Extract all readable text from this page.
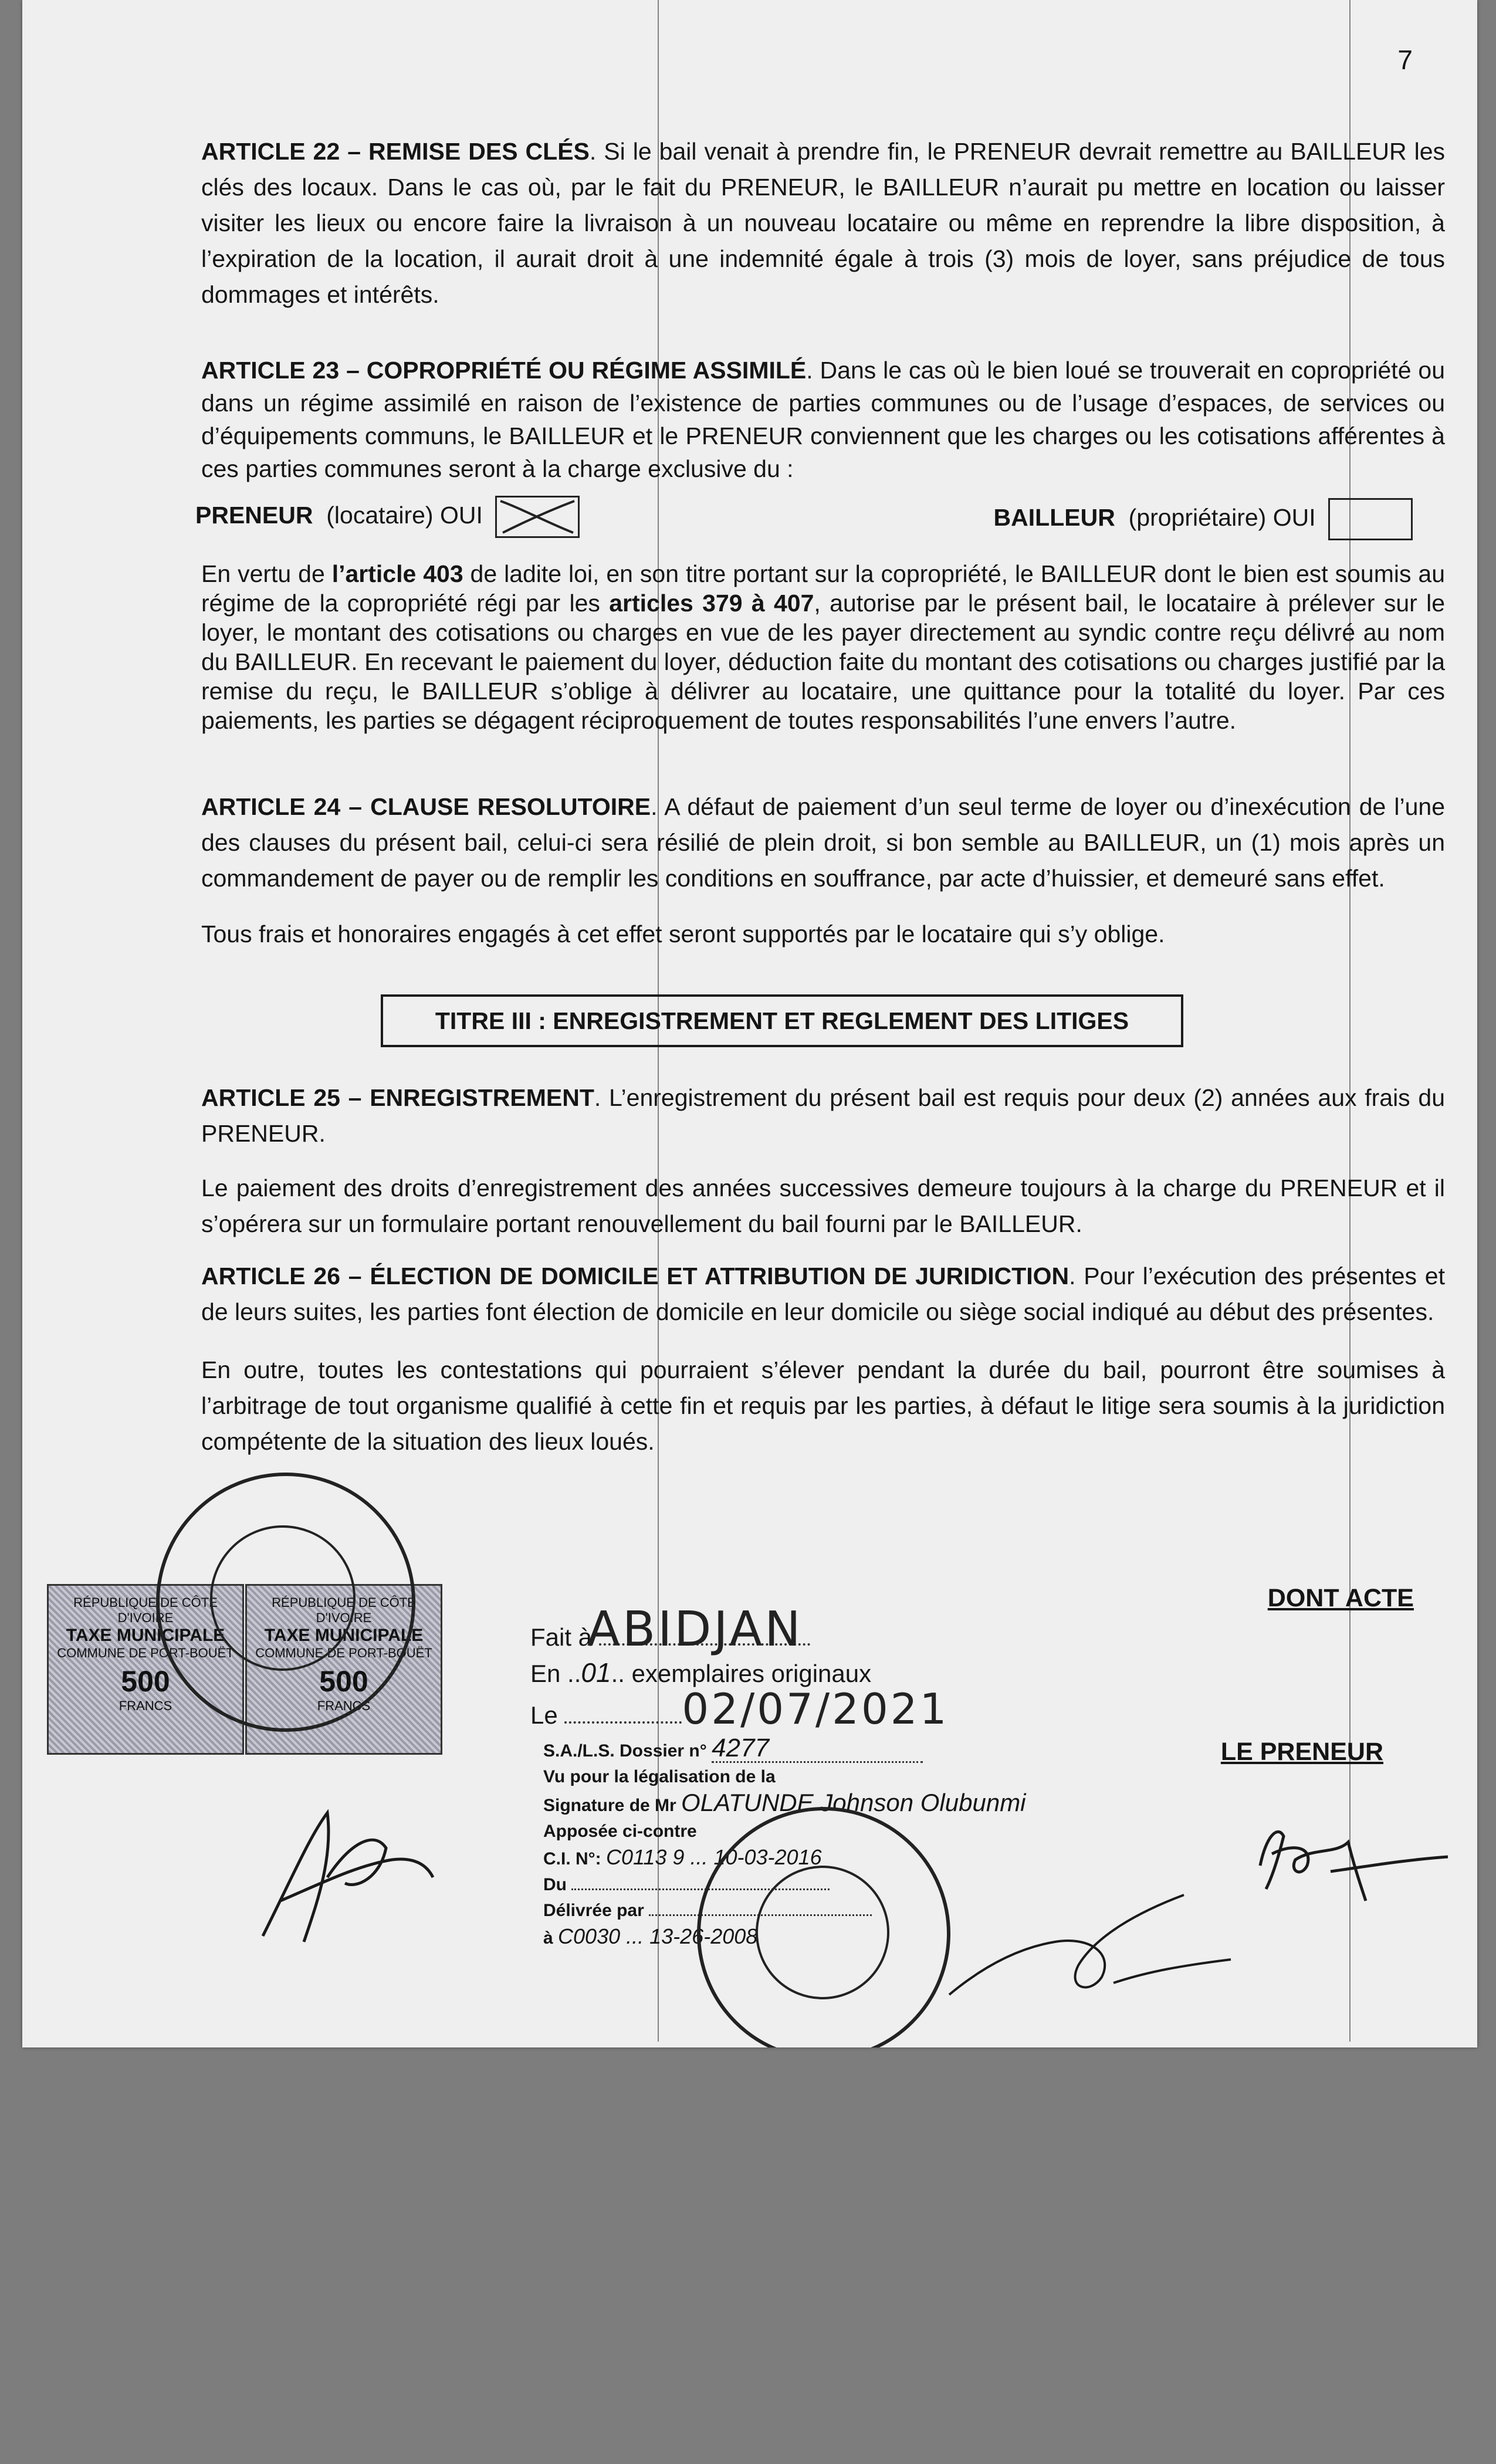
7

ARTICLE 22 – REMISE DES CLÉS. Si le bail venait à prendre fin, le PRENEUR devrait remettre au BAILLEUR les clés des locaux. Dans le cas où, par le fait du PRENEUR, le BAILLEUR n’aurait pu mettre en location ou laisser visiter les lieux ou encore faire la livraison à un nouveau locataire ou même en reprendre la libre disposition, à l’expiration de la location, il aurait droit à une indemnité égale à trois (3) mois de loyer, sans préjudice de tous dommages et intérêts.

ARTICLE 23 – COPROPRIÉTÉ OU RÉGIME ASSIMILÉ. Dans le cas où le bien loué se trouverait en copropriété ou dans un régime assimilé en raison de l’existence de parties communes ou de l’usage d’espaces, de services ou d’équipements communs, le BAILLEUR et le PRENEUR conviennent que les charges ou les cotisations afférentes à ces parties communes seront à la charge exclusive du :

PRENEUR (locataire) OUI	BAILLEUR (propriétaire) OUI

En vertu de l’article 403 de ladite loi, en son titre portant sur la copropriété, le BAILLEUR dont le bien est soumis au régime de la copropriété régi par les articles 379 à 407, autorise par le présent bail, le locataire à prélever sur le loyer, le montant des cotisations ou charges en vue de les payer directement au syndic contre reçu délivré au nom du BAILLEUR. En recevant le paiement du loyer, déduction faite du montant des cotisations ou charges justifié par la remise du reçu, le BAILLEUR s’oblige à délivrer au locataire, une quittance pour la totalité du loyer. Par ces paiements, les parties se dégagent réciproquement de toutes responsabilités l’une envers l’autre.

ARTICLE 24 – CLAUSE RESOLUTOIRE. A défaut de paiement d’un seul terme de loyer ou d’inexécution de l’une des clauses du présent bail, celui-ci sera résilié de plein droit, si bon semble au BAILLEUR, un (1) mois après un commandement de payer ou de remplir les conditions en souffrance, par acte d’huissier, et demeuré sans effet.

Tous frais et honoraires engagés à cet effet seront supportés par le locataire qui s’y oblige.

TITRE III : ENREGISTREMENT ET REGLEMENT DES LITIGES

ARTICLE 25 – ENREGISTREMENT. L’enregistrement du présent bail est requis pour deux (2) années aux frais du PRENEUR.

Le paiement des droits d’enregistrement des années successives demeure toujours à la charge du PRENEUR et il s’opérera sur un formulaire portant renouvellement du bail fourni par le BAILLEUR.

ARTICLE 26 – ÉLECTION DE DOMICILE ET ATTRIBUTION DE JURIDICTION. Pour l’exécution des présentes et de leurs suites, les parties font élection de domicile en leur domicile ou siège social indiqué au début des présentes.

En outre, toutes les contestations qui pourraient s’élever pendant la durée du bail, pourront être soumises à l’arbitrage de tout organisme qualifié à cette fin et requis par les parties, à défaut le litige sera soumis à la juridiction compétente de la situation des lieux loués.

DONT ACTE
RÉPUBLIQUE DE CÔTE D'IVOIRE
TAXE MUNICIPALE
COMMUNE DE PORT-BOUËT
500
FRANCS
RÉPUBLIQUE DE CÔTE D'IVOIRE
TAXE MUNICIPALE
COMMUNE DE PORT-BOUËT
500
FRANCS
Fait à ABIDJAN
En ..01.. exemplaires originaux
Le	02/07/2021
S.A./L.S. Dossier n° 4277
Vu pour la légalisation de la
Signature de Mr OLATUNDE Johnson Olubunmi
Apposée ci-contre
C.I. N°: C0113 9 ... 10-03-2016
Du
Délivrée par
à C0030 ... 13-26-2008
LE PRENEUR
